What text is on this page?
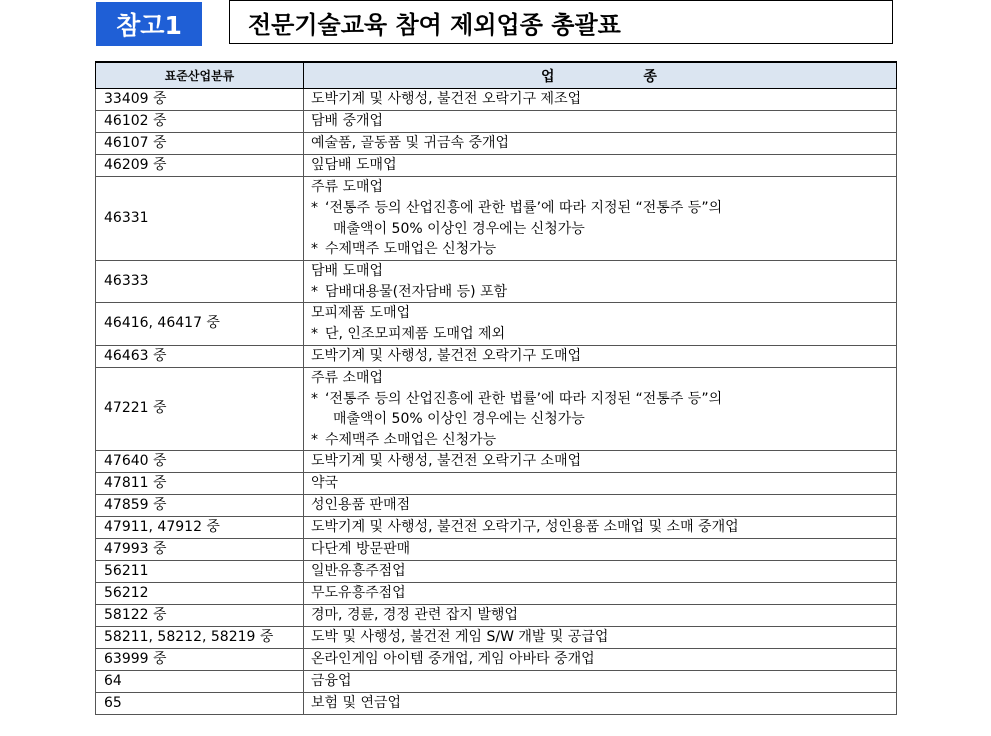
참고1	전문기술교육 참여 제외업종 총괄표
표준산업분류	업 종
33409 중	도박기계 및 사행성, 불건전 오락기구 제조업

46102 중	담배 중개업

46107 중	예술품, 골동품 및 귀금속 중개업

46209 중	잎담배 도매업

46331	주류 도매업
* ‘전통주 등의 산업진흥에 관한 법률’에 따라 지정된 “전통주 등”의
매출액이 50% 이상인 경우에는 신청가능
* 수제맥주 도매업은 신청가능

46333	담배 도매업
* 담배대용물(전자담배 등) 포함

46416, 46417 중	모피제품 도매업
* 단, 인조모피제품 도매업 제외

46463 중	도박기계 및 사행성, 불건전 오락기구 도매업

47221 중	주류 소매업
* ‘전통주 등의 산업진흥에 관한 법률’에 따라 지정된 “전통주 등”의
매출액이 50% 이상인 경우에는 신청가능
* 수제맥주 소매업은 신청가능

47640 중	도박기계 및 사행성, 불건전 오락기구 소매업

47811 중	약국

47859 중	성인용품 판매점

47911, 47912 중	도박기계 및 사행성, 불건전 오락기구, 성인용품 소매업 및 소매 중개업

47993 중	다단계 방문판매

56211	일반유흥주점업

56212	무도유흥주점업

58122 중	경마, 경륜, 경정 관련 잡지 발행업

58211, 58212, 58219 중	도박 및 사행성, 불건전 게임 S/W 개발 및 공급업

63999 중	온라인게임 아이템 중개업, 게임 아바타 중개업

64	금융업

65	보험 및 연금업
